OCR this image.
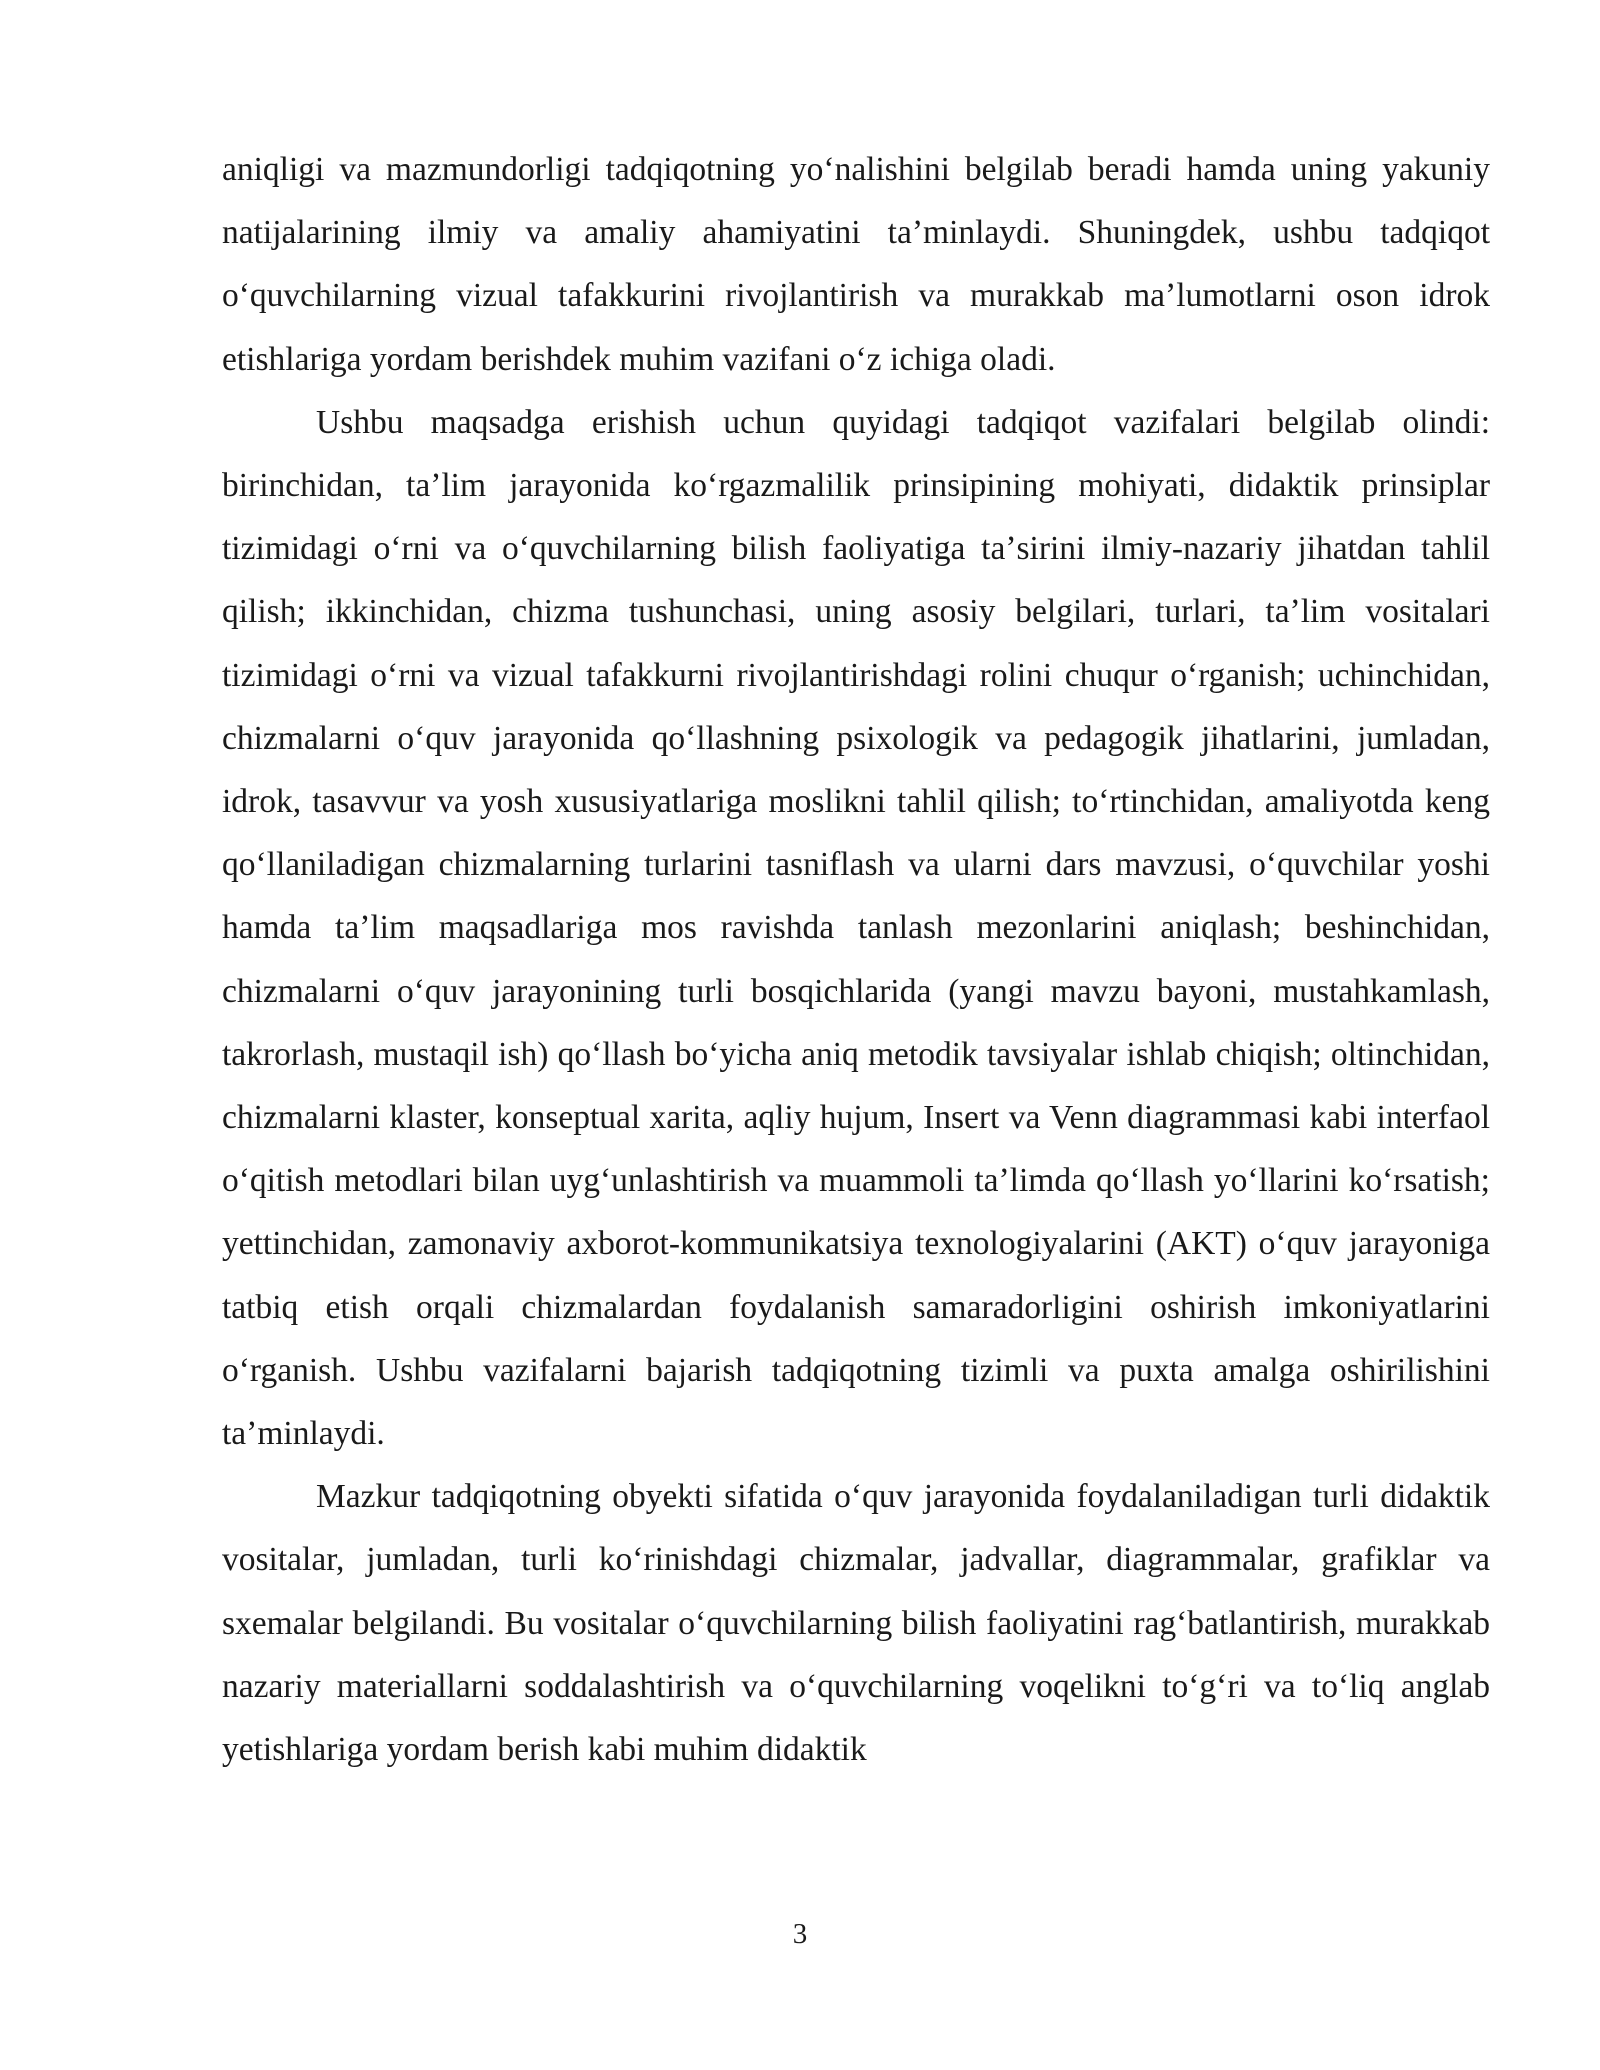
aniqligi va mazmundorligi tadqiqotning yoʻnalishini belgilab beradi hamda uning yakuniy natijalarining ilmiy va amaliy ahamiyatini taʼminlaydi. Shuningdek, ushbu tadqiqot oʻquvchilarning vizual tafakkurini rivojlantirish va murakkab maʼlumotlarni oson idrok etishlariga yordam berishdek muhim vazifani oʻz ichiga oladi.

Ushbu maqsadga erishish uchun quyidagi tadqiqot vazifalari belgilab olindi: birinchidan, taʼlim jarayonida koʻrgazmalilik prinsipining mohiyati, didaktik prinsiplar tizimidagi oʻrni va oʻquvchilarning bilish faoliyatiga taʼsirini ilmiy-nazariy jihatdan tahlil qilish; ikkinchidan, chizma tushunchasi, uning asosiy belgilari, turlari, taʼlim vositalari tizimidagi oʻrni va vizual tafakkurni rivojlantirishdagi rolini chuqur oʻrganish; uchinchidan, chizmalarni oʻquv jarayonida qoʻllashning psixologik va pedagogik jihatlarini, jumladan, idrok, tasavvur va yosh xususiyatlariga moslikni tahlil qilish; toʻrtinchidan, amaliyotda keng qoʻllaniladigan chizmalarning turlarini tasniflash va ularni dars mavzusi, oʻquvchilar yoshi hamda taʼlim maqsadlariga mos ravishda tanlash mezonlarini aniqlash; beshinchidan, chizmalarni oʻquv jarayonining turli bosqichlarida (yangi mavzu bayoni, mustahkamlash, takrorlash, mustaqil ish) qoʻllash boʻyicha aniq metodik tavsiyalar ishlab chiqish; oltinchidan, chizmalarni klaster, konseptual xarita, aqliy hujum, Insert va Venn diagrammasi kabi interfaol oʻqitish metodlari bilan uygʻunlashtirish va muammoli taʼlimda qoʻllash yoʻllarini koʻrsatish; yettinchidan, zamonaviy axborot-kommunikatsiya texnologiyalarini (AKT) oʻquv jarayoniga tatbiq etish orqali chizmalardan foydalanish samaradorligini oshirish imkoniyatlarini oʻrganish. Ushbu vazifalarni bajarish tadqiqotning tizimli va puxta amalga oshirilishini taʼminlaydi.

Mazkur tadqiqotning obyekti sifatida oʻquv jarayonida foydalaniladigan turli didaktik vositalar, jumladan, turli koʻrinishdagi chizmalar, jadvallar, diagrammalar, grafiklar va sxemalar belgilandi. Bu vositalar oʻquvchilarning bilish faoliyatini ragʻbatlantirish, murakkab nazariy materiallarni soddalashtirish va oʻquvchilarning voqelikni toʻgʻri va toʻliq anglab yetishlariga yordam berish kabi muhim didaktik

3
